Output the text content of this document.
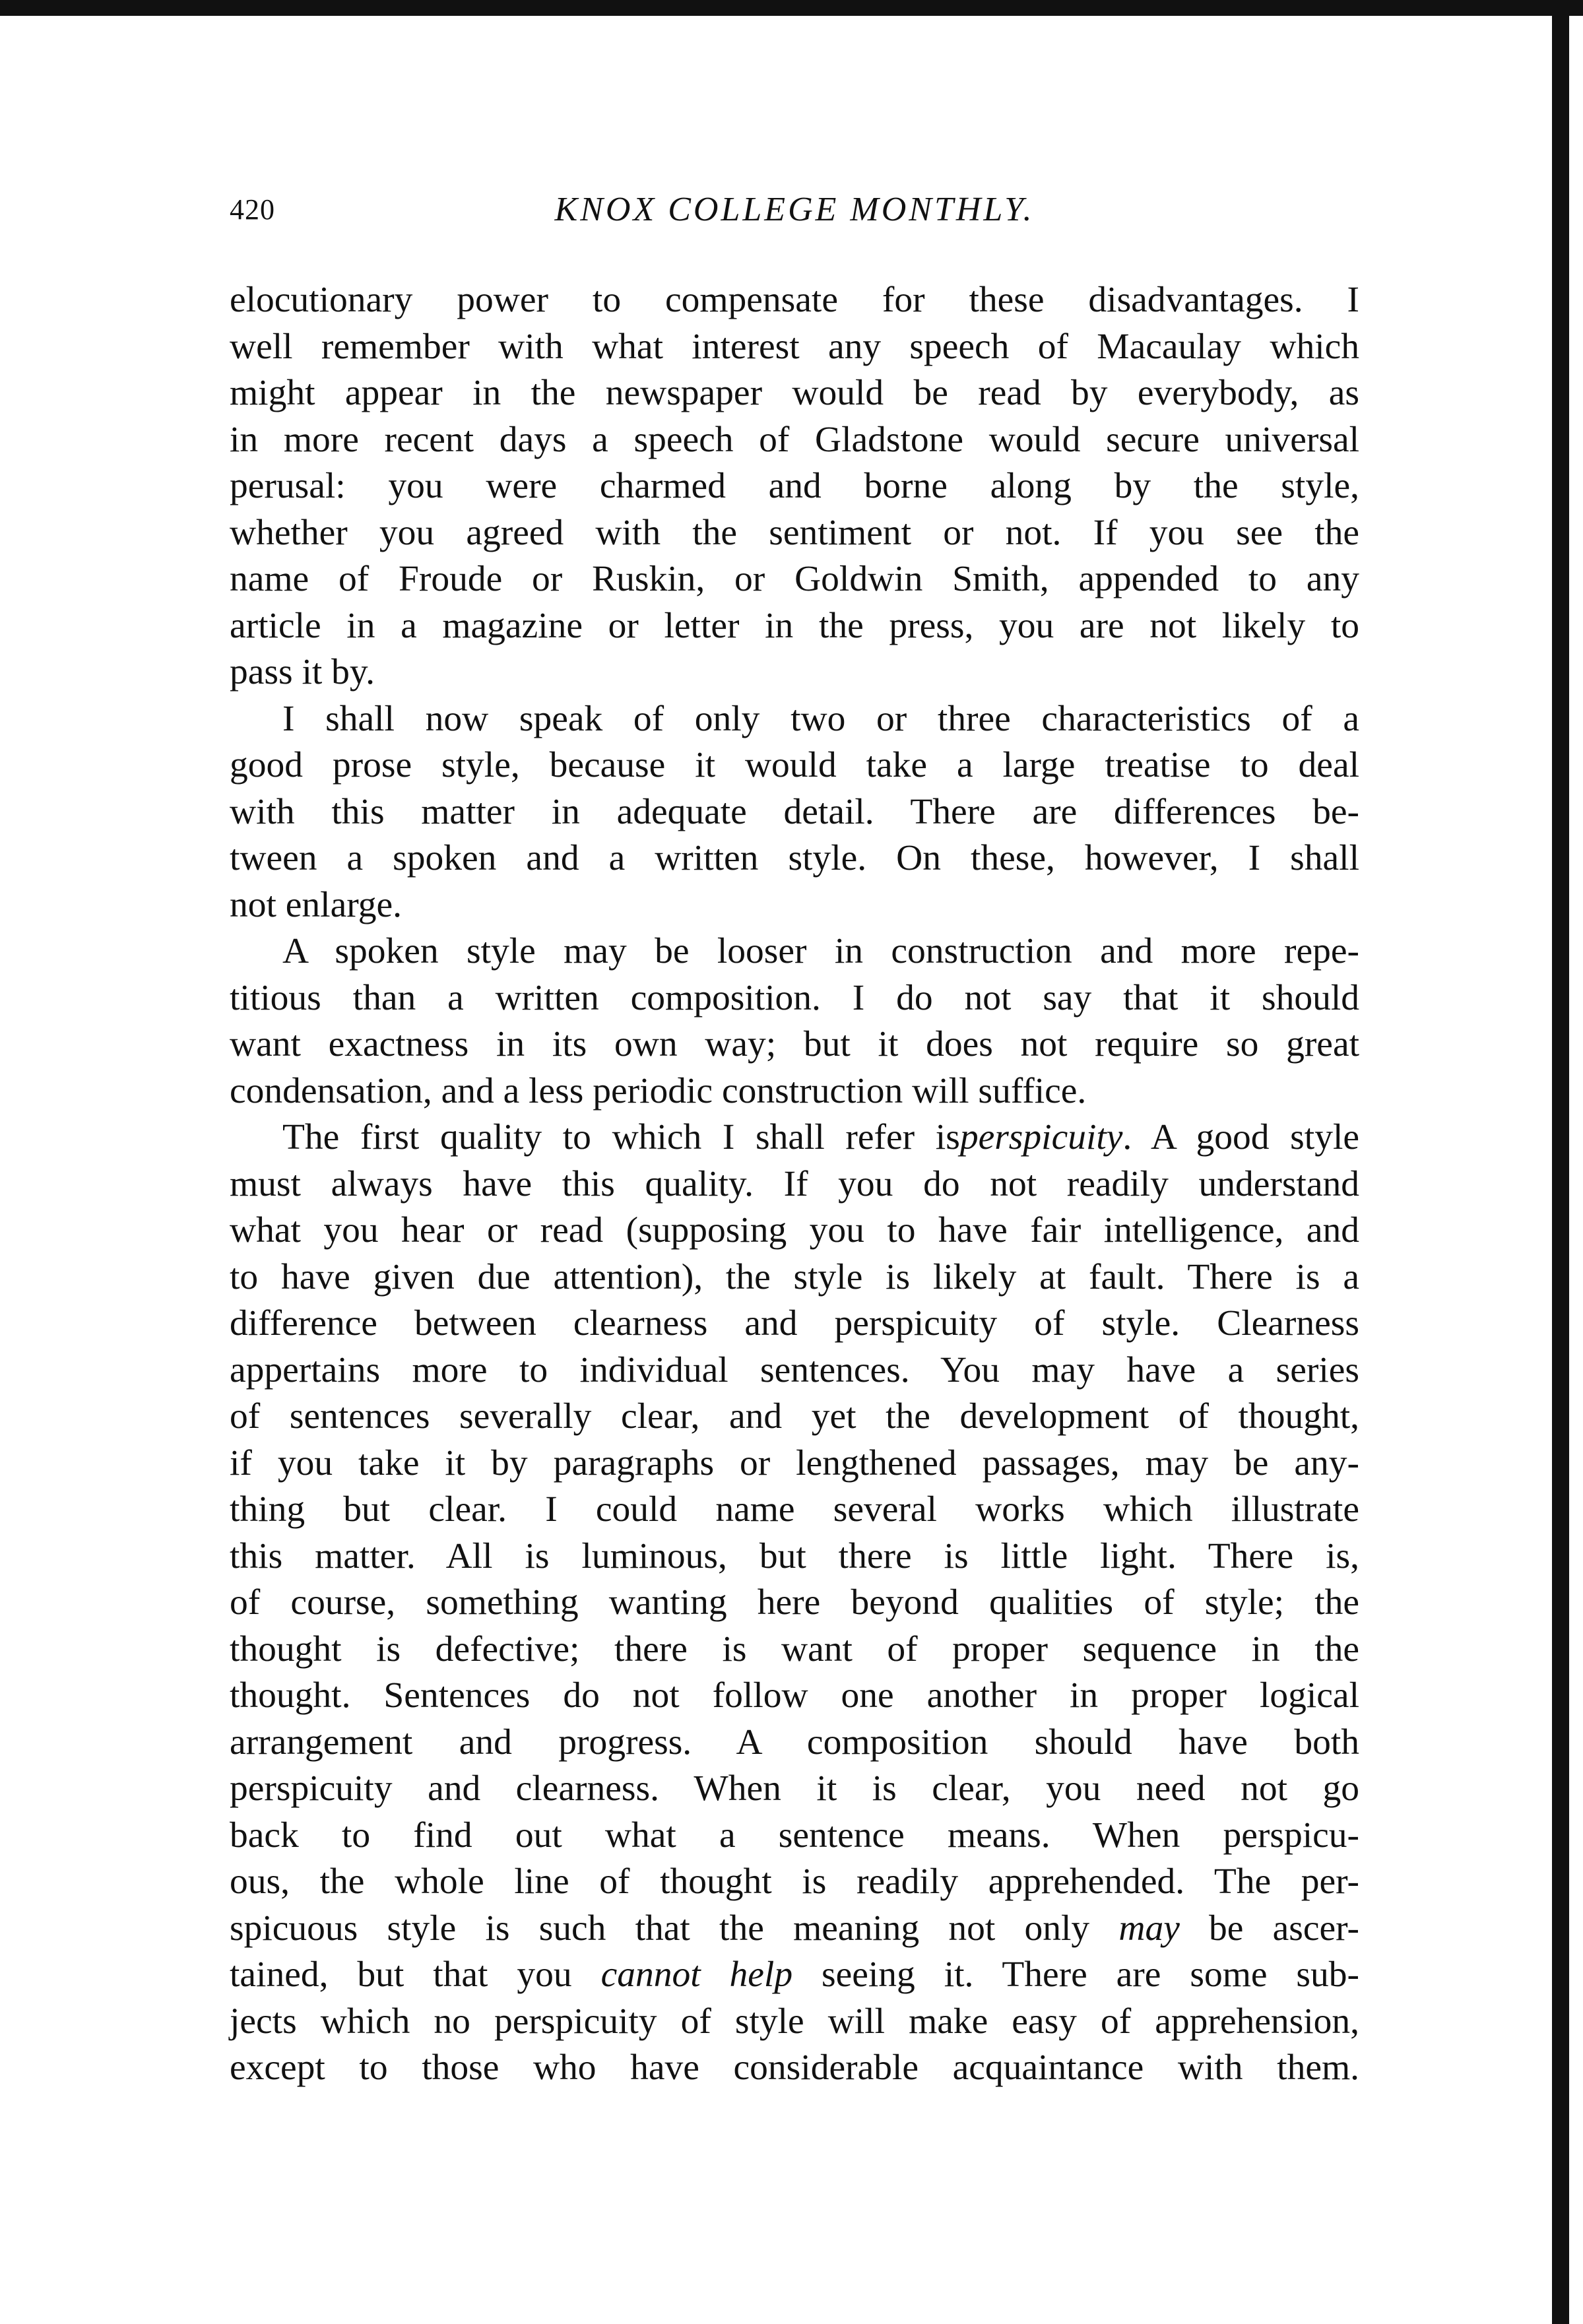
420	KNOX COLLEGE MONTHLY.
elocutionary power to compensate for these disadvantages. I
well remember with what interest any speech of Macaulay which
might appear in the newspaper would be read by everybody, as
in more recent days a speech of Gladstone would secure universal
perusal: you were charmed and borne along by the style,
whether you agreed with the sentiment or not. If you see the
name of Froude or Ruskin, or Goldwin Smith, appended to any
article in a magazine or letter in the press, you are not likely to
pass it by.
I shall now speak of only two or three characteristics of a
good prose style, because it would take a large treatise to deal
with this matter in adequate detail. There are differences be-
tween a spoken and a written style. On these, however, I shall
not enlarge.
A spoken style may be looser in construction and more repe-
titious than a written composition. I do not say that it should
want exactness in its own way; but it does not require so great
condensation, and a less periodic construction will suffice.
The first quality to which I shall refer isperspicuity. A good style
must always have this quality. If you do not readily understand
what you hear or read (supposing you to have fair intelligence, and
to have given due attention), the style is likely at fault. There is a
difference between clearness and perspicuity of style. Clearness
appertains more to individual sentences. You may have a series
of sentences severally clear, and yet the development of thought,
if you take it by paragraphs or lengthened passages, may be any-
thing but clear. I could name several works which illustrate
this matter. All is luminous, but there is little light. There is,
of course, something wanting here beyond qualities of style; the
thought is defective; there is want of proper sequence in the
thought. Sentences do not follow one another in proper logical
arrangement and progress. A composition should have both
perspicuity and clearness. When it is clear, you need not go
back to find out what a sentence means. When perspicu-
ous, the whole line of thought is readily apprehended. The per-
spicuous style is such that the meaning not only may be ascer-
tained, but that you cannot help seeing it. There are some sub-
jects which no perspicuity of style will make easy of apprehension,
except to those who have considerable acquaintance with them.
